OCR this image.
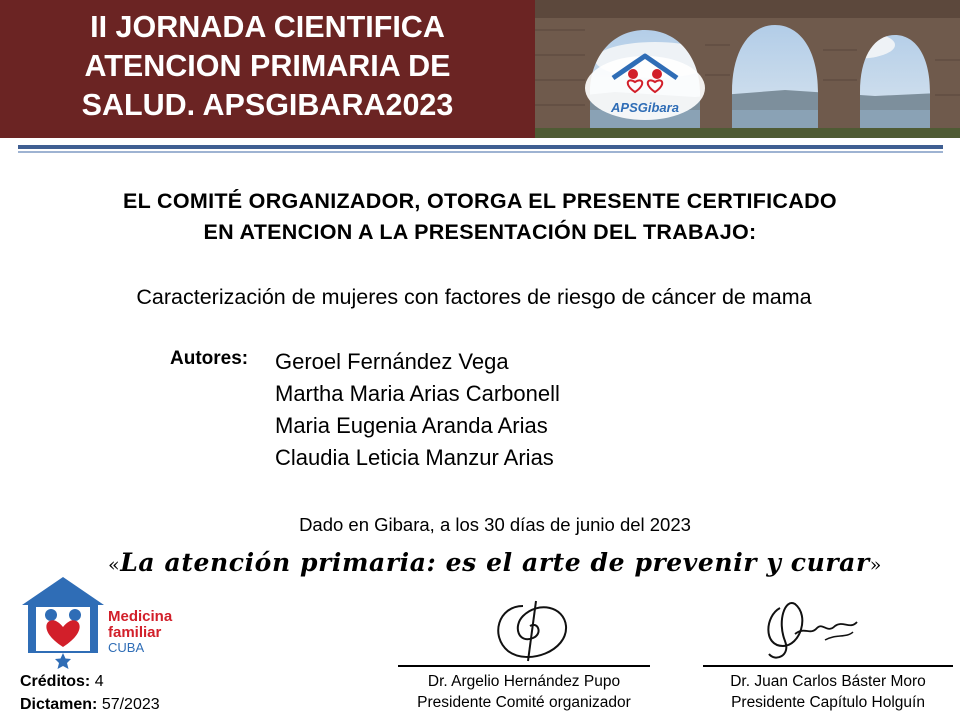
II JORNADA CIENTIFICA
ATENCION PRIMARIA DE
SALUD. APSGIBARA2023	APSGibara
EL COMITÉ ORGANIZADOR, OTORGA EL PRESENTE CERTIFICADO
EN ATENCION A LA PRESENTACIÓN DEL TRABAJO:
Caracterización de mujeres con factores de riesgo de cáncer de mama
Autores: Geroel Fernández Vega
Martha Maria Arias Carbonell
Maria Eugenia Aranda Arias
Claudia Leticia Manzur Arias
Dado en Gibara, a los 30 días de junio del 2023
«La atención primaria: es el arte de prevenir y curar»
Medicina
familiar
CUBA
Créditos: 4
Dictamen: 57/2023
Dr. Argelio Hernández Pupo
Presidente Comité organizador
Dr. Juan Carlos Báster Moro
Presidente Capítulo Holguín
